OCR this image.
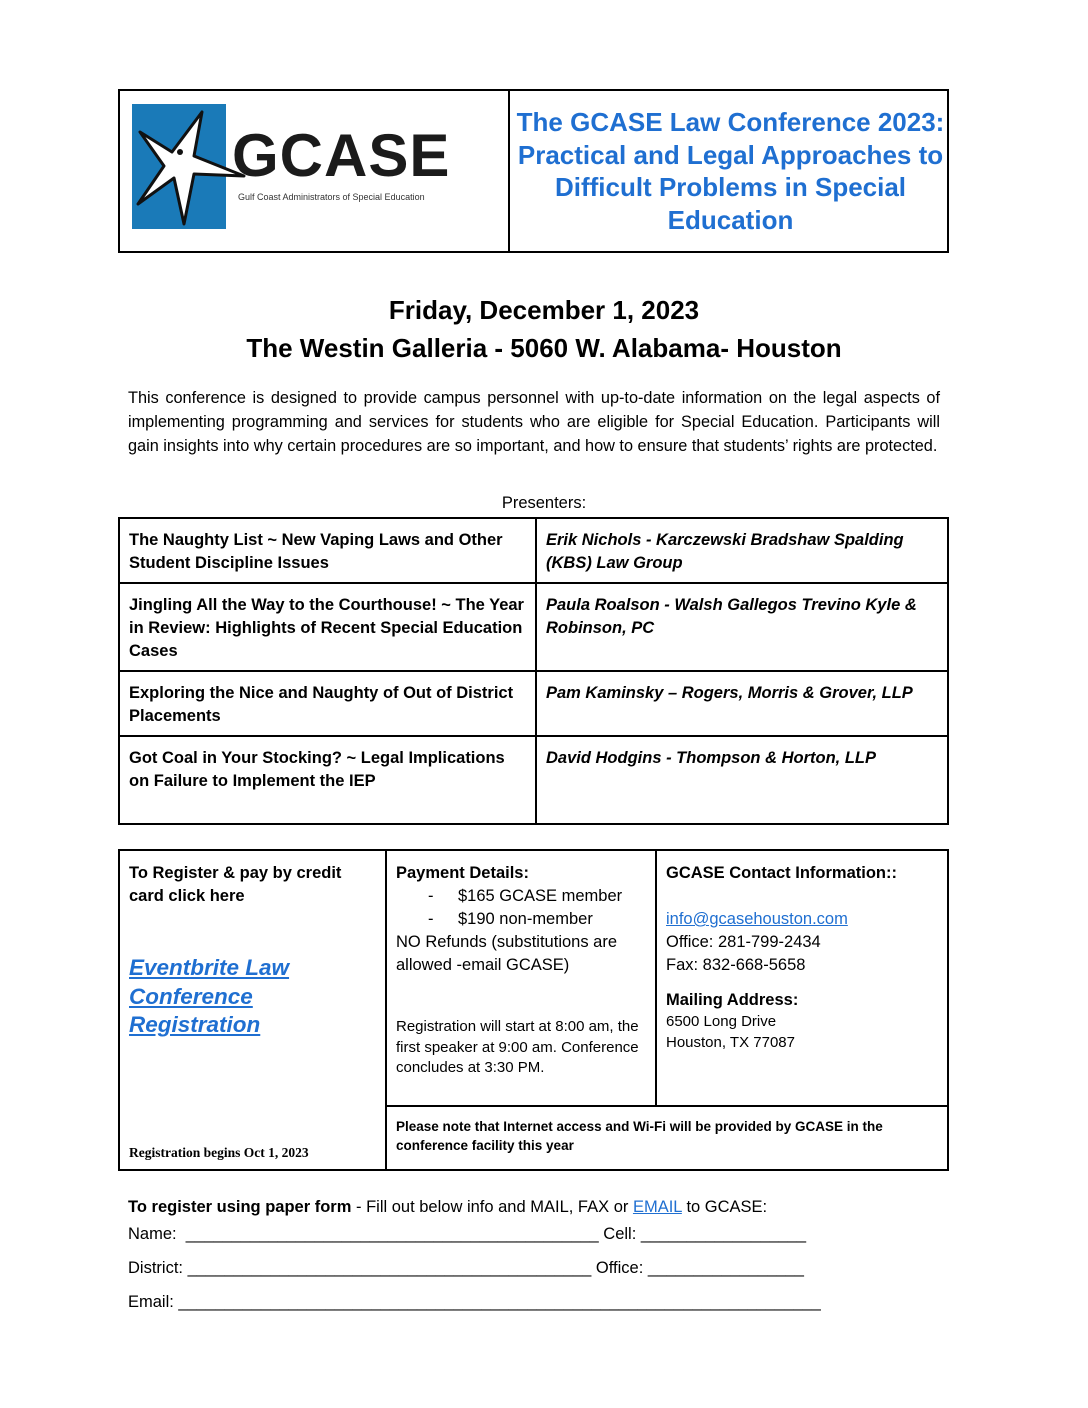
GCASE
Gulf Coast Administrators of Special Education
The GCASE Law Conference 2023: Practical and Legal Approaches to Difficult Problems in Special Education
Friday, December 1, 2023
The Westin Galleria - 5060 W. Alabama- Houston
This conference is designed to provide campus personnel with up-to-date information on the legal aspects of implementing programming and services for students who are eligible for Special Education. Participants will gain insights into why certain procedures are so important, and how to ensure that students’ rights are protected.
Presenters:
The Naughty List ~ New Vaping Laws and Other Student Discipline Issues	Erik Nichols - Karczewski Bradshaw Spalding (KBS) Law Group
Jingling All the Way to the Courthouse! ~ The Year in Review: Highlights of Recent Special Education Cases	Paula Roalson - Walsh Gallegos Trevino Kyle & Robinson, PC
Exploring the Nice and Naughty of Out of District Placements	Pam Kaminsky – Rogers, Morris & Grover, LLP
Got Coal in Your Stocking? ~ Legal Implications on Failure to Implement the IEP	David Hodgins - Thompson & Horton, LLP
To Register & pay by credit card click here
Eventbrite Law Conference Registration
Registration begins Oct 1, 2023
Payment Details:
- $165 GCASE member
- $190 non-member
NO Refunds (substitutions are allowed -email GCASE)
Registration will start at 8:00 am, the first speaker at 9:00 am. Conference concludes at 3:30 PM.
GCASE Contact Information::
info@gcasehouston.com
Office: 281-799-2434
Fax: 832-668-5658
Mailing Address:
6500 Long Drive
Houston, TX 77087
Please note that Internet access and Wi-Fi will be provided by GCASE in the conference facility this year
To register using paper form - Fill out below info and MAIL, FAX or EMAIL to GCASE:
Name:  _____________________________________________ Cell: __________________
District: ____________________________________________ Office: _________________
Email: ______________________________________________________________________
